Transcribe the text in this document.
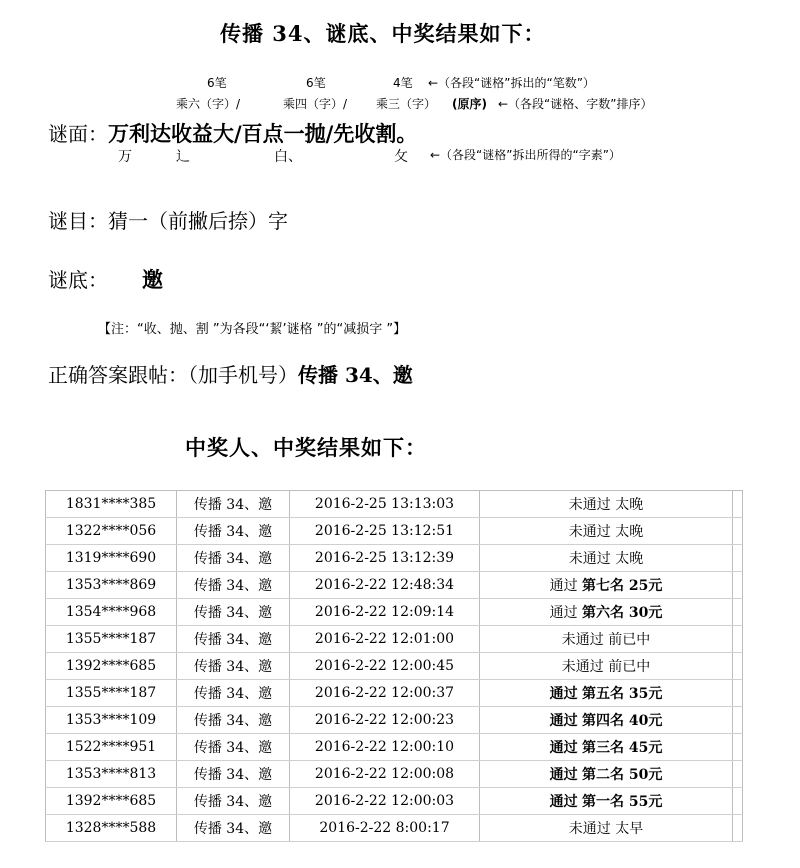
传播 34、谜底、中奖结果如下：
6笔	6笔	4笔 ←（各段“谜格”拆出的“笔数”）
乘六（字）/	乘四（字）/ 乘三（字） (原序) ←（各段“谜格、字数”排序）
谜面：万利达收益大/百点一抛/先收割。
万	辶	白、	攵 ←（各段“谜格”拆出所得的“字素”）
谜目：猜一（前撇后捺）字
谜底： 邀
【注：“收、抛、割 ”为各段“‘絜’谜格 ”的“减损字 ”】
正确答案跟帖：（加手机号）传播 34、邀
中奖人、中奖结果如下：
1831****385	传播 34、邀	2016-2-25 13:13:03	未通过 太晚	
1322****056	传播 34、邀	2016-2-25 13:12:51	未通过 太晚	
1319****690	传播 34、邀	2016-2-25 13:12:39	未通过 太晚	
1353****869	传播 34、邀	2016-2-22 12:48:34	通过 第七名 25元	
1354****968	传播 34、邀	2016-2-22 12:09:14	通过 第六名 30元	
1355****187	传播 34、邀	2016-2-22 12:01:00	未通过 前已中	
1392****685	传播 34、邀	2016-2-22 12:00:45	未通过 前已中	
1355****187	传播 34、邀	2016-2-22 12:00:37	通过 第五名 35元	
1353****109	传播 34、邀	2016-2-22 12:00:23	通过 第四名 40元	
1522****951	传播 34、邀	2016-2-22 12:00:10	通过 第三名 45元	
1353****813	传播 34、邀	2016-2-22 12:00:08	通过 第二名 50元	
1392****685	传播 34、邀	2016-2-22 12:00:03	通过 第一名 55元	
1328****588	传播 34、邀	2016-2-22 8:00:17	未通过 太早	
